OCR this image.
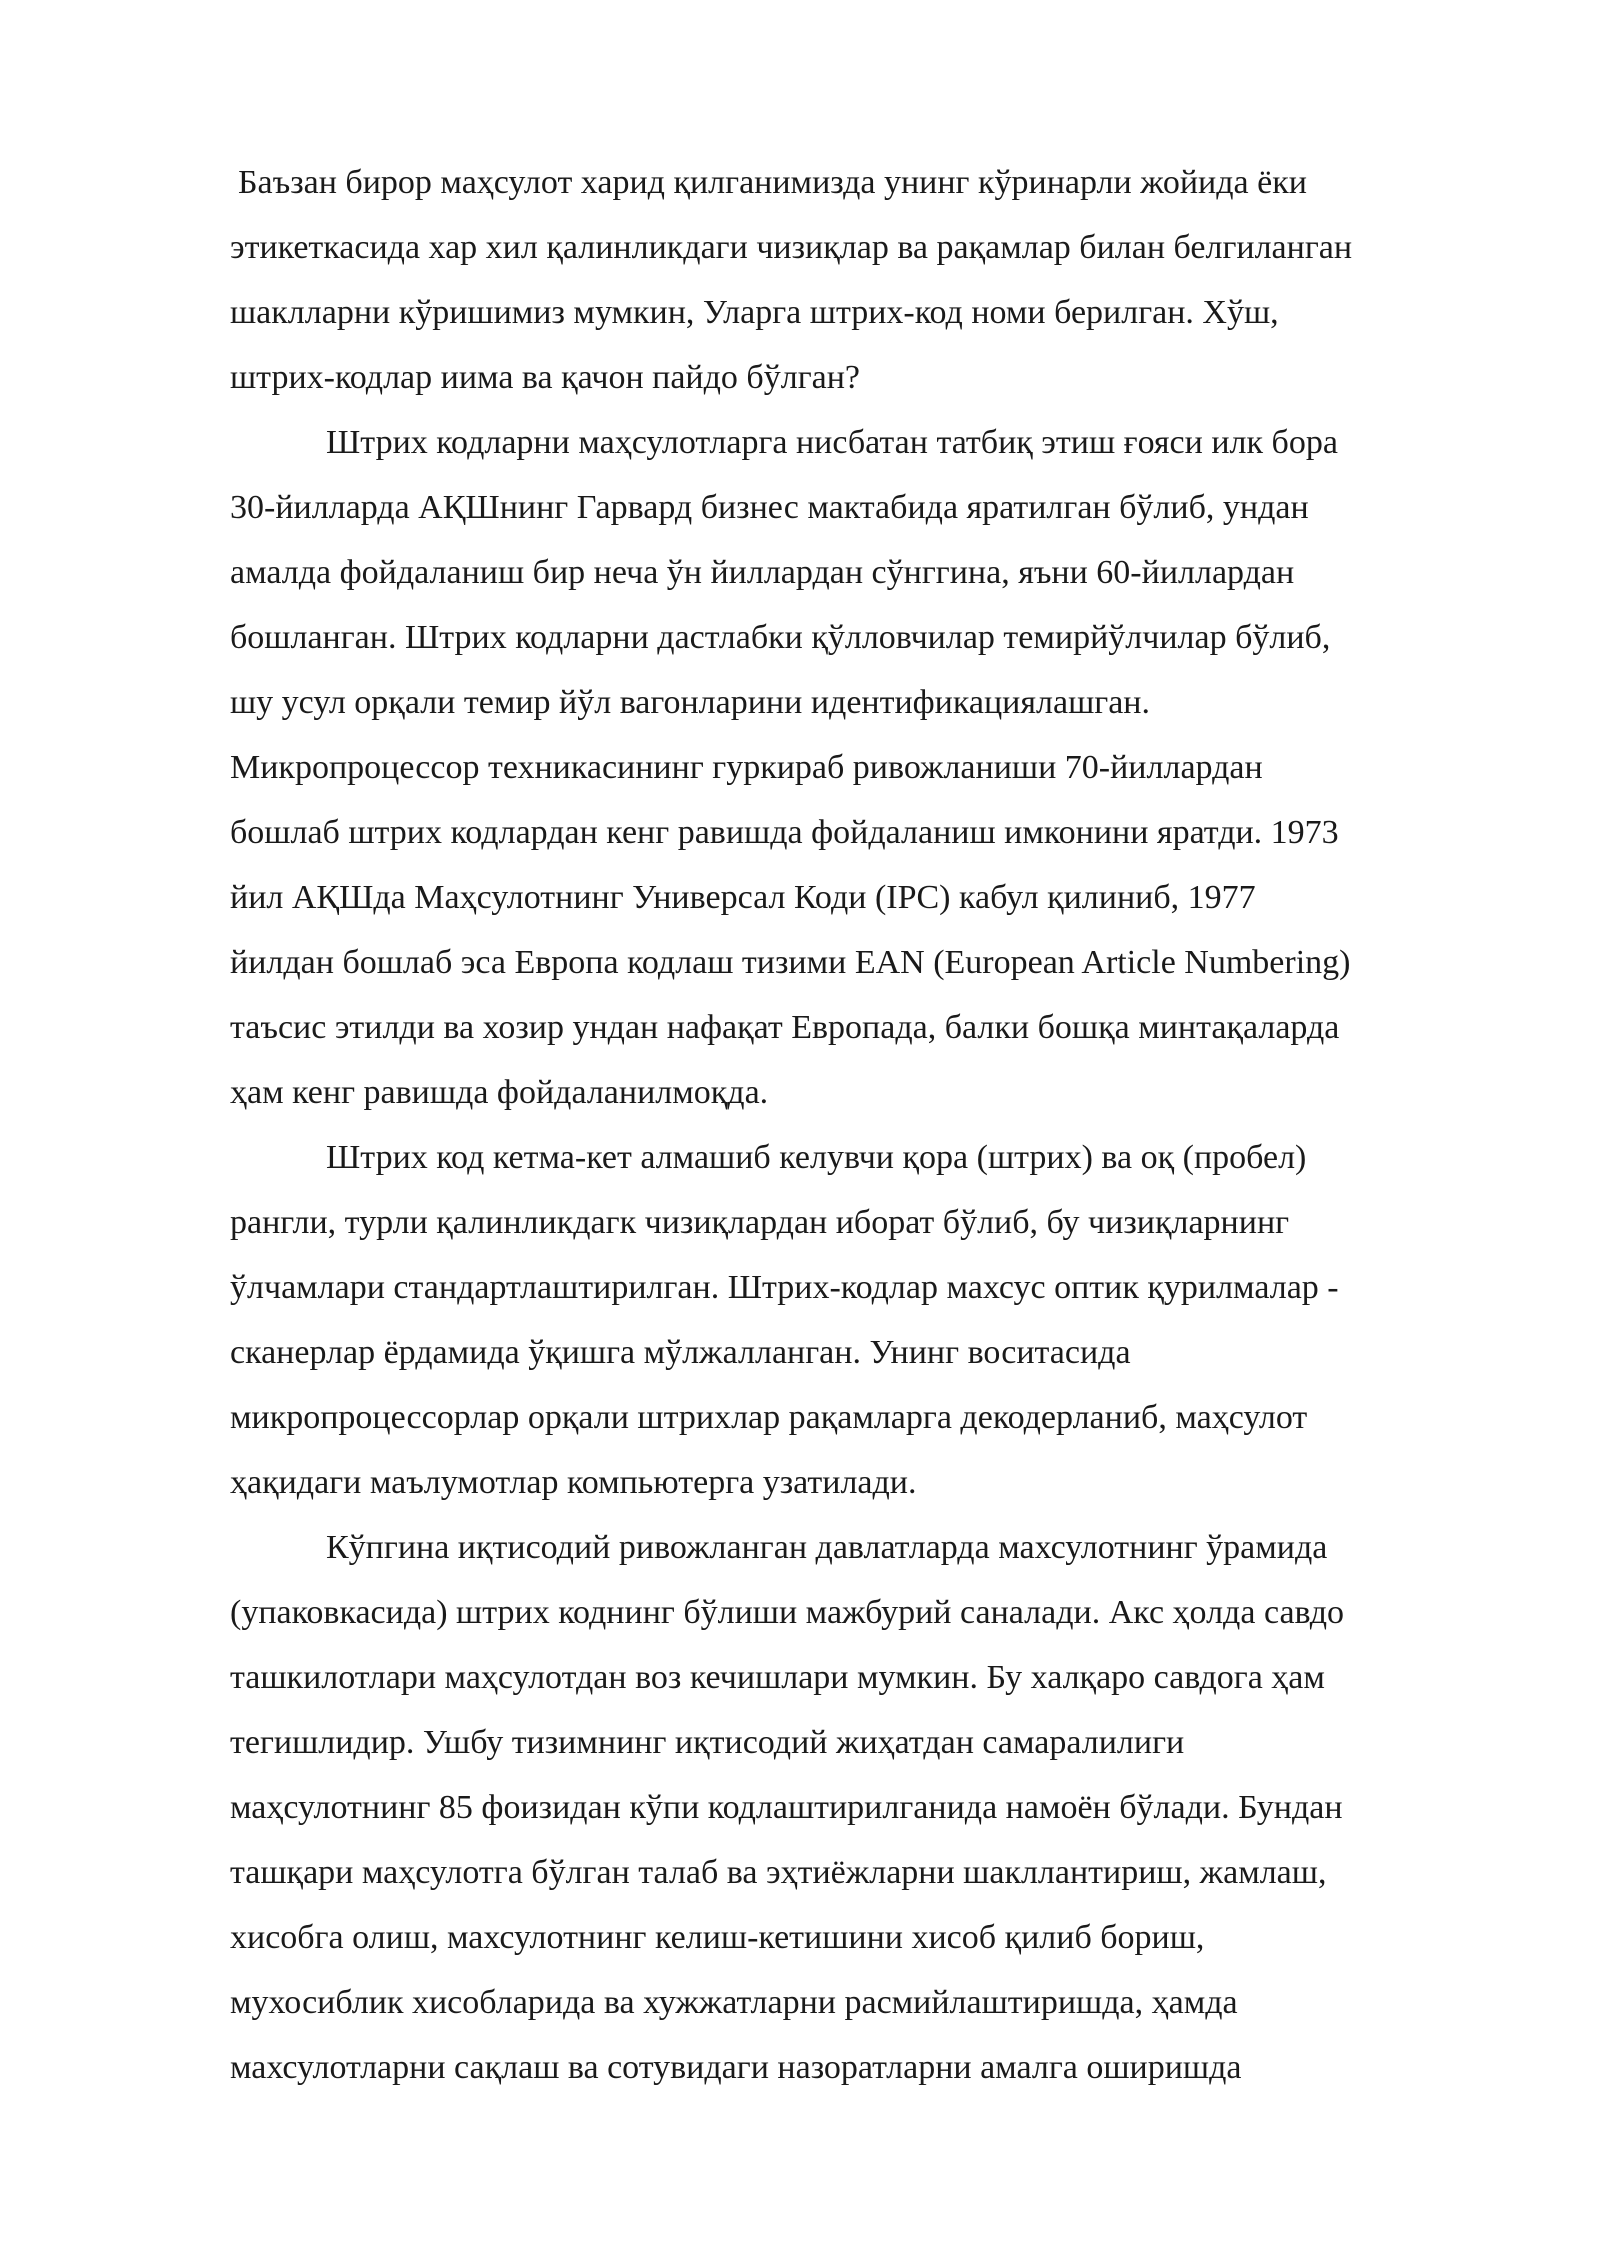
Баъзан бирор маҳсулот харид қилганимизда унинг кўринарли жойида ёки
этикеткасида хар хил қалинликдаги чизиқлар ва рақамлар билан белгиланган
шаклларни кўришимиз мумкин, Уларга штрих-код номи берилган. Хўш,
штрих-кодлар иима ва қачон пайдо бўлган?
Штрих кодларни маҳсулотларга нисбатан татбиқ этиш ғояси илк бора
30-йилларда АҚШнинг Гарвард бизнес мактабида яратилган бўлиб, ундан
амалда фойдаланиш бир неча ўн йиллардан сўнггина, яъни 60-йиллардан
бошланган. Штрих кодларни дастлабки қўлловчилар темирйўлчилар бўлиб,
шу усул орқали темир йўл вагонларини идентификациялашган.
Микропроцессор техникасининг гуркираб ривожланиши 70-йиллардан
бошлаб штрих кодлардан кенг равишда фойдаланиш имконини яратди. 1973
йил АҚШда Маҳсулотнинг Универсал Коди (IPC) кабул қилиниб, 1977
йилдан бошлаб эса Европа кодлаш тизими EAN (European Article Numbering)
таъсис этилди ва хозир ундан нафақат Европада, балки бошқа минтақаларда
ҳам кенг равишда фойдаланилмоқда.
Штрих код кетма-кет алмашиб келувчи қора (штрих) ва оқ (пробел)
рангли, турли қалинликдагк чизиқлардан иборат бўлиб, бу чизиқларнинг
ўлчамлари стандартлаштирилган. Штрих-кодлар махсус оптик қурилмалар -
сканерлар ёрдамида ўқишга мўлжалланган. Унинг воситасида
микропроцессорлар орқали штрихлар рақамларга декодерланиб, маҳсулот
ҳақидаги маълумотлар компьютерга узатилади.
Кўпгина иқтисодий ривожланган давлатларда махсулотнинг ўрамида
(упаковкасида) штрих коднинг бўлиши мажбурий саналади. Акс ҳолда савдо
ташкилотлари маҳсулотдан воз кечишлари мумкин. Бу халқаро савдога ҳам
тегишлидир. Ушбу тизимнинг иқтисодий жиҳатдан самаралилиги
маҳсулотнинг 85 фоизидан кўпи кодлаштирилганида намоён бўлади. Бундан
ташқари маҳсулотга бўлган талаб ва эҳтиёжларни шакллантириш, жамлаш,
хисобга олиш, махсулотнинг келиш-кетишини хисоб қилиб бориш,
мухосиблик хисобларида ва хужжатларни расмийлаштиришда, ҳамда
махсулотларни сақлаш ва сотувидаги назоратларни амалга оширишда
